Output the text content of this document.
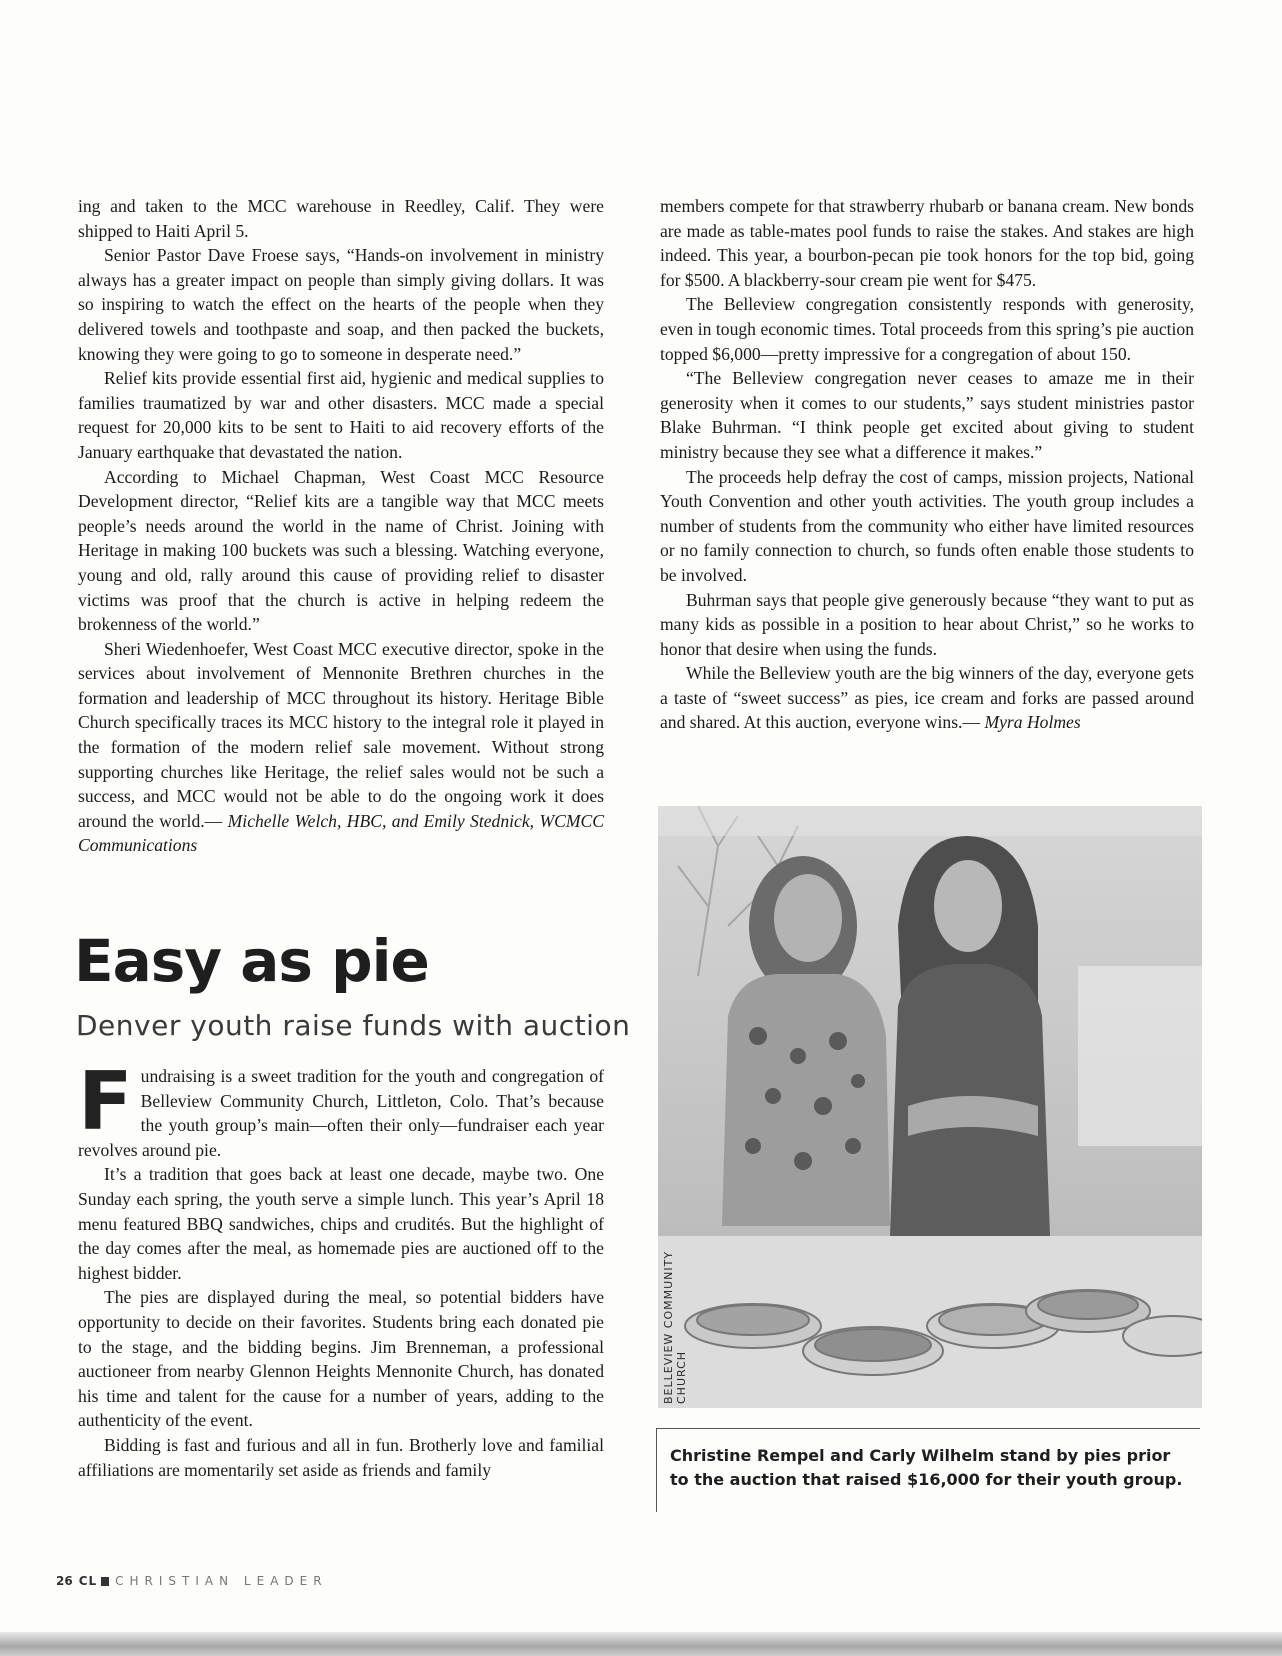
ing and taken to the MCC warehouse in Reedley, Calif. They were shipped to Haiti April 5.

Senior Pastor Dave Froese says, “Hands-on involvement in ministry always has a greater impact on people than simply giving dollars. It was so inspiring to watch the effect on the hearts of the people when they delivered towels and toothpaste and soap, and then packed the buckets, knowing they were going to go to someone in desperate need.”

Relief kits provide essential first aid, hygienic and medical supplies to families traumatized by war and other disasters. MCC made a special request for 20,000 kits to be sent to Haiti to aid recovery efforts of the January earthquake that devastated the nation.

According to Michael Chapman, West Coast MCC Resource Development director, “Relief kits are a tangible way that MCC meets people’s needs around the world in the name of Christ. Joining with Heritage in making 100 buckets was such a blessing. Watching everyone, young and old, rally around this cause of providing relief to disaster victims was proof that the church is active in helping redeem the brokenness of the world.”

Sheri Wiedenhoefer, West Coast MCC executive director, spoke in the services about involvement of Mennonite Brethren churches in the formation and leadership of MCC throughout its history. Heritage Bible Church specifically traces its MCC history to the integral role it played in the formation of the modern relief sale movement. Without strong supporting churches like Heritage, the relief sales would not be such a success, and MCC would not be able to do the ongoing work it does around the world.— Michelle Welch, HBC, and Emily Stednick, WCMCC Communications

Easy as pie
Denver youth raise funds with auction

Fundraising is a sweet tradition for the youth and congregation of Belleview Community Church, Littleton, Colo. That’s because the youth group’s main—often their only—fundraiser each year revolves around pie.

It’s a tradition that goes back at least one decade, maybe two. One Sunday each spring, the youth serve a simple lunch. This year’s April 18 menu featured BBQ sandwiches, chips and crudités. But the highlight of the day comes after the meal, as homemade pies are auctioned off to the highest bidder.

The pies are displayed during the meal, so potential bidders have opportunity to decide on their favorites. Students bring each donated pie to the stage, and the bidding begins. Jim Brenneman, a professional auctioneer from nearby Glennon Heights Mennonite Church, has donated his time and talent for the cause for a number of years, adding to the authenticity of the event.

Bidding is fast and furious and all in fun. Brotherly love and familial affiliations are momentarily set aside as friends and family

members compete for that strawberry rhubarb or banana cream. New bonds are made as table-mates pool funds to raise the stakes. And stakes are high indeed. This year, a bourbon-pecan pie took honors for the top bid, going for $500. A blackberry-sour cream pie went for $475.

The Belleview congregation consistently responds with generosity, even in tough economic times. Total proceeds from this spring’s pie auction topped $6,000—pretty impressive for a congregation of about 150.

“The Belleview congregation never ceases to amaze me in their generosity when it comes to our students,” says student ministries pastor Blake Buhrman. “I think people get excited about giving to student ministry because they see what a difference it makes.”

The proceeds help defray the cost of camps, mission projects, National Youth Convention and other youth activities. The youth group includes a number of students from the community who either have limited resources or no family connection to church, so funds often enable those students to be involved.

Buhrman says that people give generously because “they want to put as many kids as possible in a position to hear about Christ,” so he works to honor that desire when using the funds.

While the Belleview youth are the big winners of the day, everyone gets a taste of “sweet success” as pies, ice cream and forks are passed around and shared. At this auction, everyone wins.— Myra Holmes

BELLEVIEW COMMUNITY CHURCH

Christine Rempel and Carly Wilhelm stand by pies prior to the auction that raised $16,000 for their youth group.

26 CL CHRISTIAN LEADER
